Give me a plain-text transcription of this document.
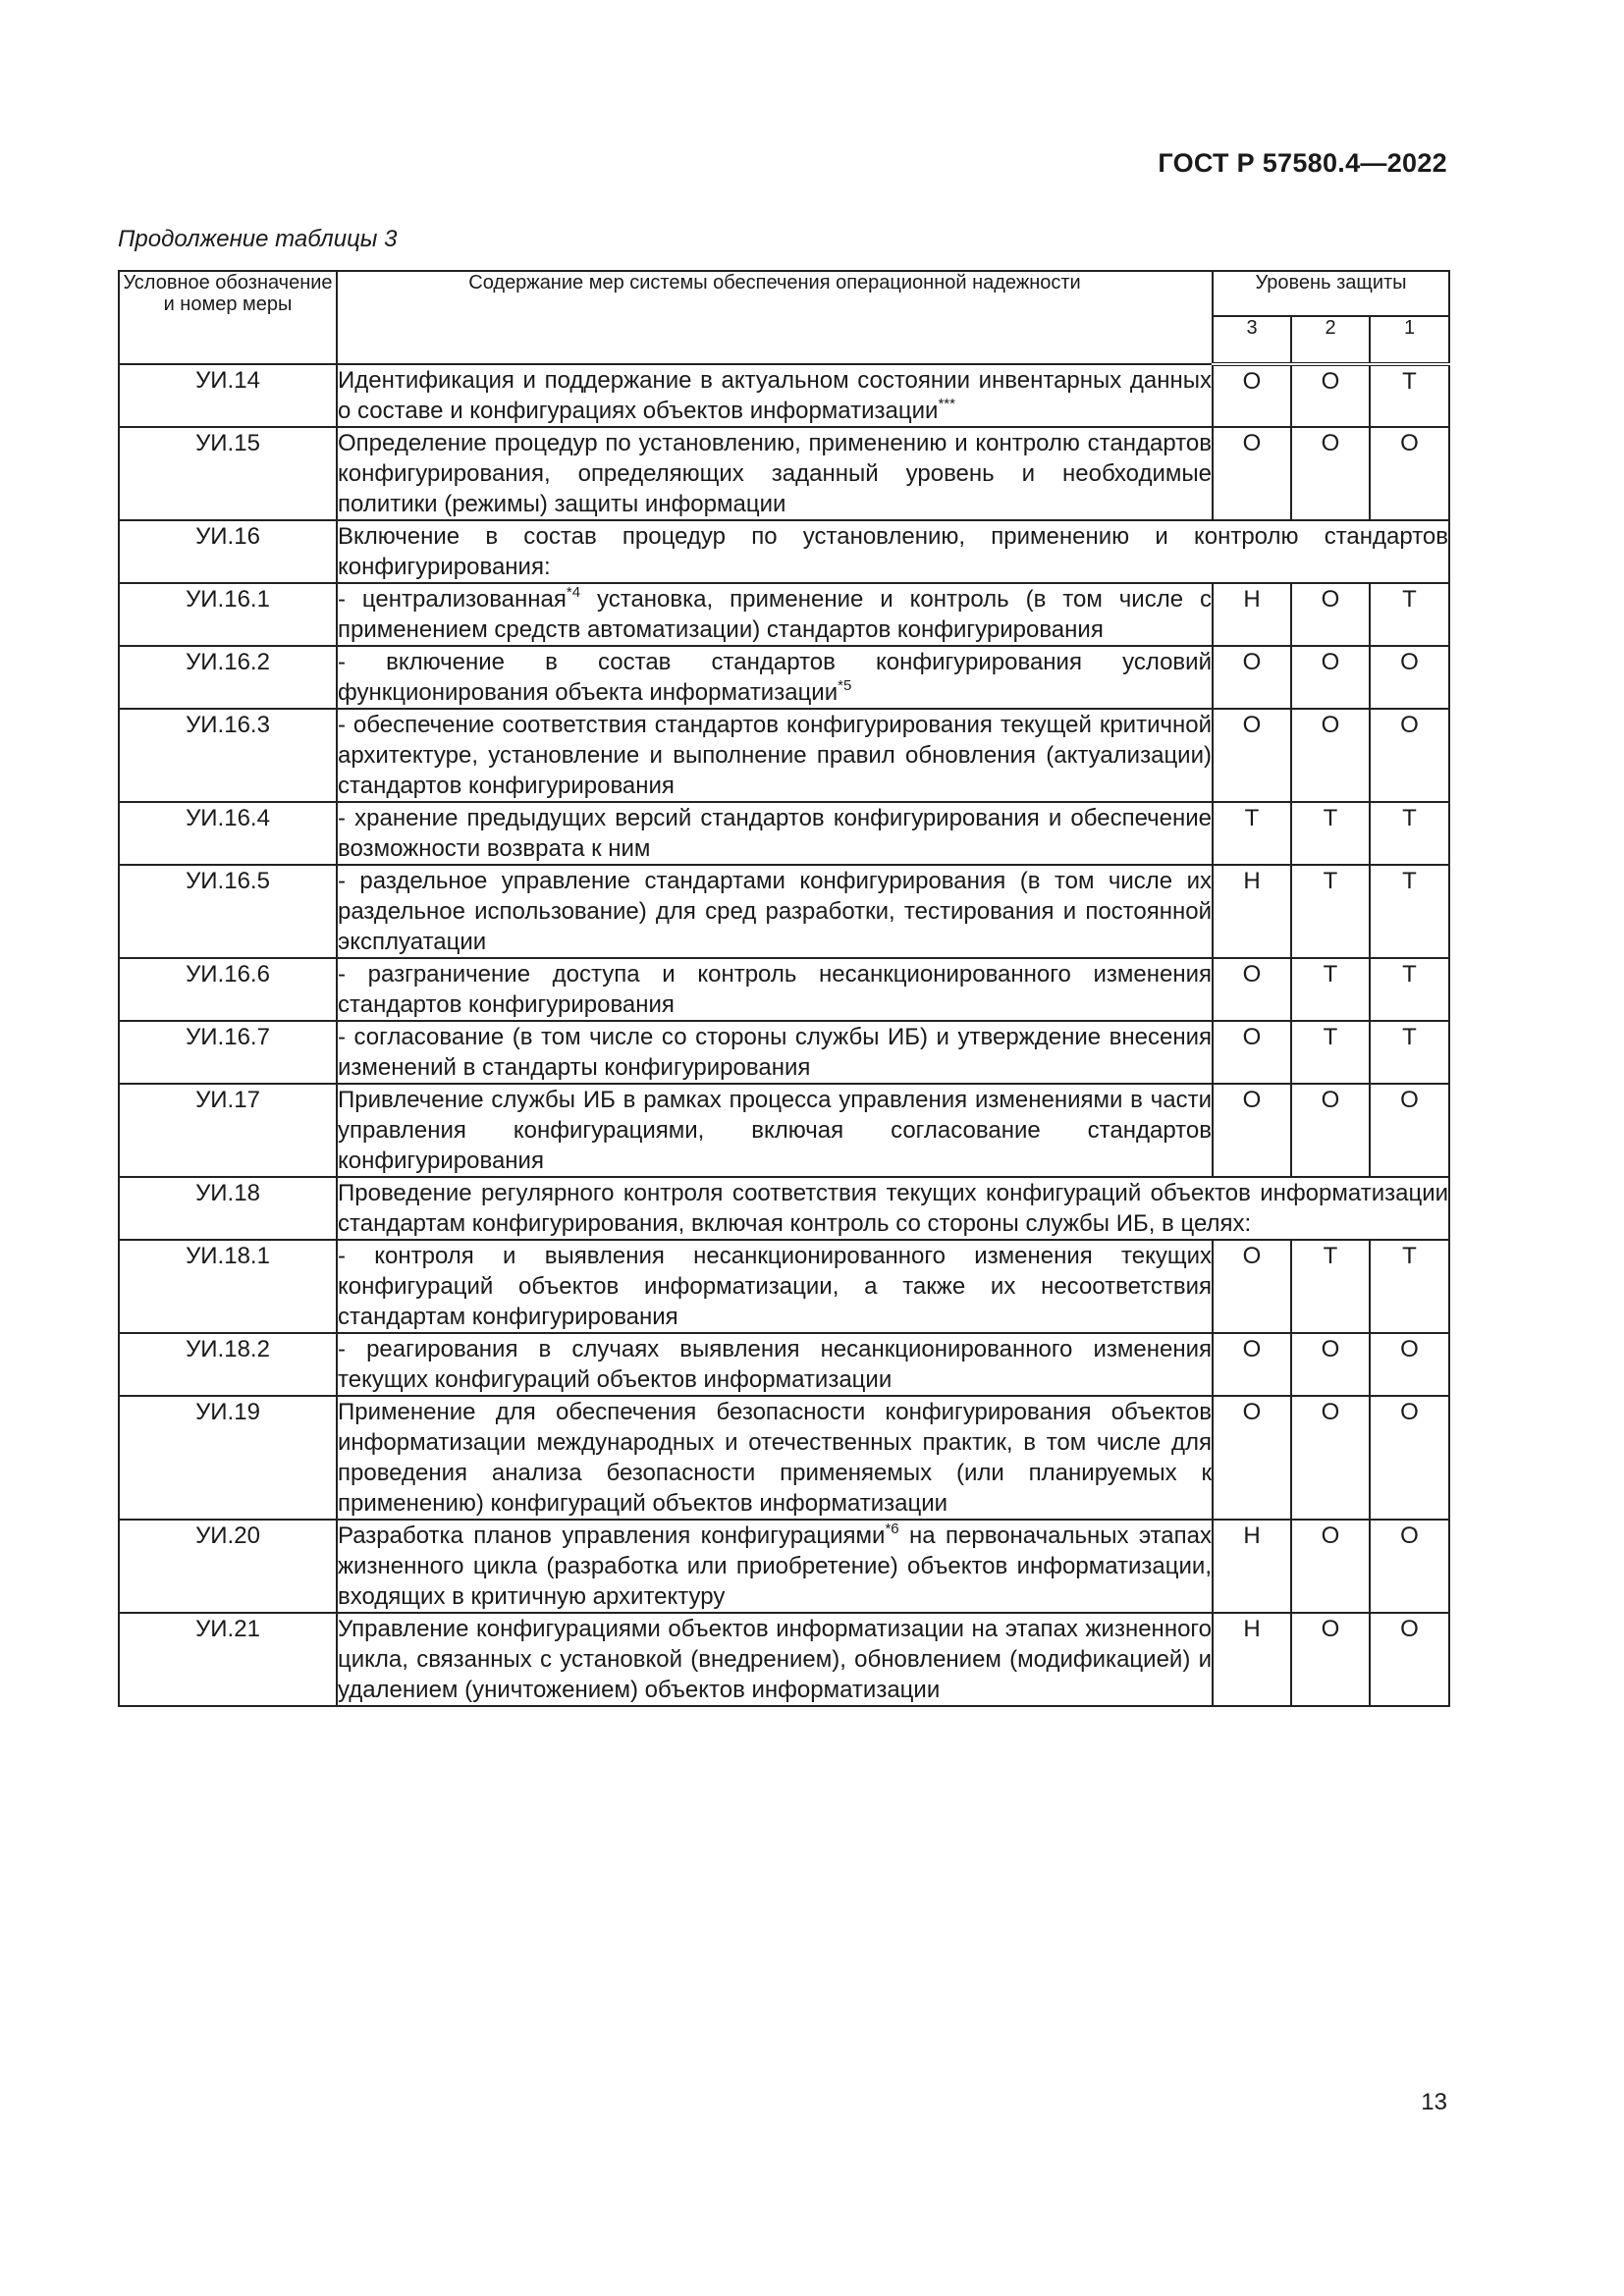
ГОСТ Р 57580.4—2022
Продолжение таблицы 3
Условное обозначение и номер меры	Содержание мер системы обеспечения операционной надежности	Уровень защиты		
		3	2	1
УИ.14	Идентификация и поддержание в актуальном состоянии инвентарных данных о составе и конфигурациях объектов информатизации***	О	О	Т
УИ.15	Определение процедур по установлению, применению и контролю стандартов конфигурирования, определяющих заданный уровень и необходимые политики (режимы) защиты информации	О	О	О
УИ.16	Включение в состав процедур по установлению, применению и контролю стандартов конфигурирования:			
УИ.16.1	- централизованная$^{*4}$ установка, применение и контроль (в том числе с применением средств автоматизации) стандартов конфигурирования	Н	О	Т
УИ.16.2	- включение в состав стандартов конфигурирования условий функционирования объекта информатизации$^{*5}$	О	О	О
УИ.16.3	- обеспечение соответствия стандартов конфигурирования текущей критичной архитектуре, установление и выполнение правил обновления (актуализации) стандартов конфигурирования	О	О	О
УИ.16.4	- хранение предыдущих версий стандартов конфигурирования и обеспечение возможности возврата к ним	Т	Т	Т
УИ.16.5	- раздельное управление стандартами конфигурирования (в том числе их раздельное использование) для сред разработки, тестирования и постоянной эксплуатации	Н	Т	Т
УИ.16.6	- разграничение доступа и контроль несанкционированного изменения стандартов конфигурирования	О	Т	Т
УИ.16.7	- согласование (в том числе со стороны службы ИБ) и утверждение внесения изменений в стандарты конфигурирования	О	Т	Т
УИ.17	Привлечение службы ИБ в рамках процесса управления изменениями в части управления конфигурациями, включая согласование стандартов конфигурирования	О	О	О
УИ.18	Проведение регулярного контроля соответствия текущих конфигураций объектов информатизации стандартам конфигурирования, включая контроль со стороны службы ИБ, в целях:			
УИ.18.1	- контроля и выявления несанкционированного изменения текущих конфигураций объектов информатизации, а также их несоответствия стандартам конфигурирования	О	Т	Т
УИ.18.2	- реагирования в случаях выявления несанкционированного изменения текущих конфигураций объектов информатизации	О	О	О
УИ.19	Применение для обеспечения безопасности конфигурирования объектов информатизации международных и отечественных практик, в том числе для проведения анализа безопасности применяемых (или планируемых к применению) конфигураций объектов информатизации	О	О	О
УИ.20	Разработка планов управления конфигурациями$^{*6}$ на первоначальных этапах жизненного цикла (разработка или приобретение) объектов информатизации, входящих в критичную архитектуру	Н	О	О
УИ.21	Управление конфигурациями объектов информатизации на этапах жизненного цикла, связанных с установкой (внедрением), обновлением (модификацией) и удалением (уничтожением) объектов информатизации	Н	О	О
13
